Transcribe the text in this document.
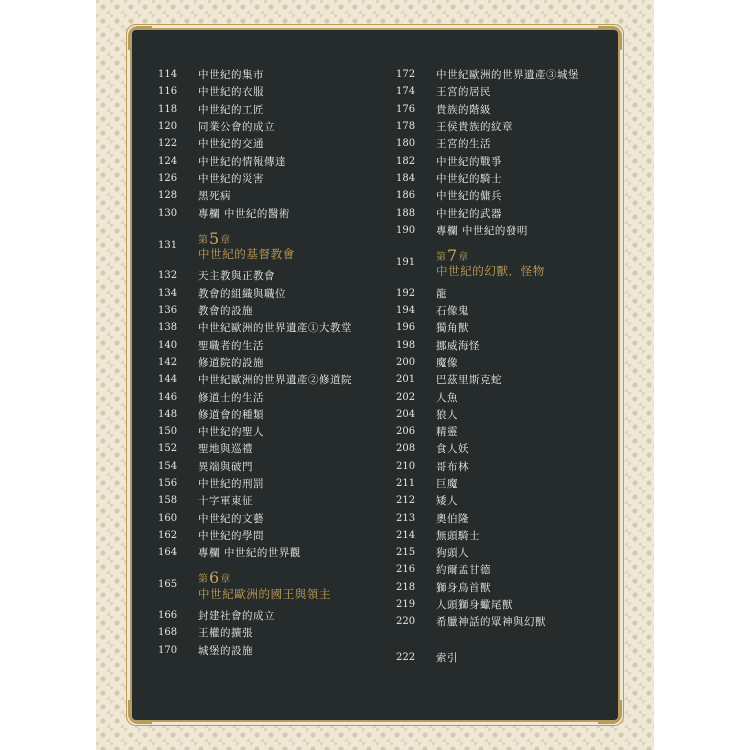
114	中世紀的集市
116	中世紀的衣服
118	中世紀的工匠
120	同業公會的成立
122	中世紀的交通
124	中世紀的情報傳達
126	中世紀的災害
128	黑死病
130	專欄 中世紀的醫術
131	第5章
中世紀的基督教會
132	天主教與正教會
134	教會的組織與職位
136	教會的設施
138	中世紀歐洲的世界遺產①大教堂
140	聖職者的生活
142	修道院的設施
144	中世紀歐洲的世界遺產②修道院
146	修道士的生活
148	修道會的種類
150	中世紀的聖人
152	聖地與巡禮
154	異端與破門
156	中世紀的刑罰
158	十字軍東征
160	中世紀的文藝
162	中世紀的學問
164	專欄 中世紀的世界觀
165	第6章
中世紀歐洲的國王與領主
166	封建社會的成立
168	王權的擴張
170	城堡的設施
172	中世紀歐洲的世界遺產③城堡
174	王宮的居民
176	貴族的階級
178	王侯貴族的紋章
180	王宮的生活
182	中世紀的戰爭
184	中世紀的騎士
186	中世紀的傭兵
188	中世紀的武器
190	專欄 中世紀的發明
191	第7章
中世紀的幻獸．怪物
192	龍
194	石像鬼
196	獨角獸
198	挪威海怪
200	魔像
201	巴茲里斯克蛇
202	人魚
204	狼人
206	精靈
208	食人妖
210	哥布林
211	巨魔
212	矮人
213	奧伯隆
214	無頭騎士
215	狗頭人
216	約爾孟甘德
218	獅身鳥首獸
219	人頭獅身蠍尾獸
220	希臘神話的眾神與幻獸
222	索引
